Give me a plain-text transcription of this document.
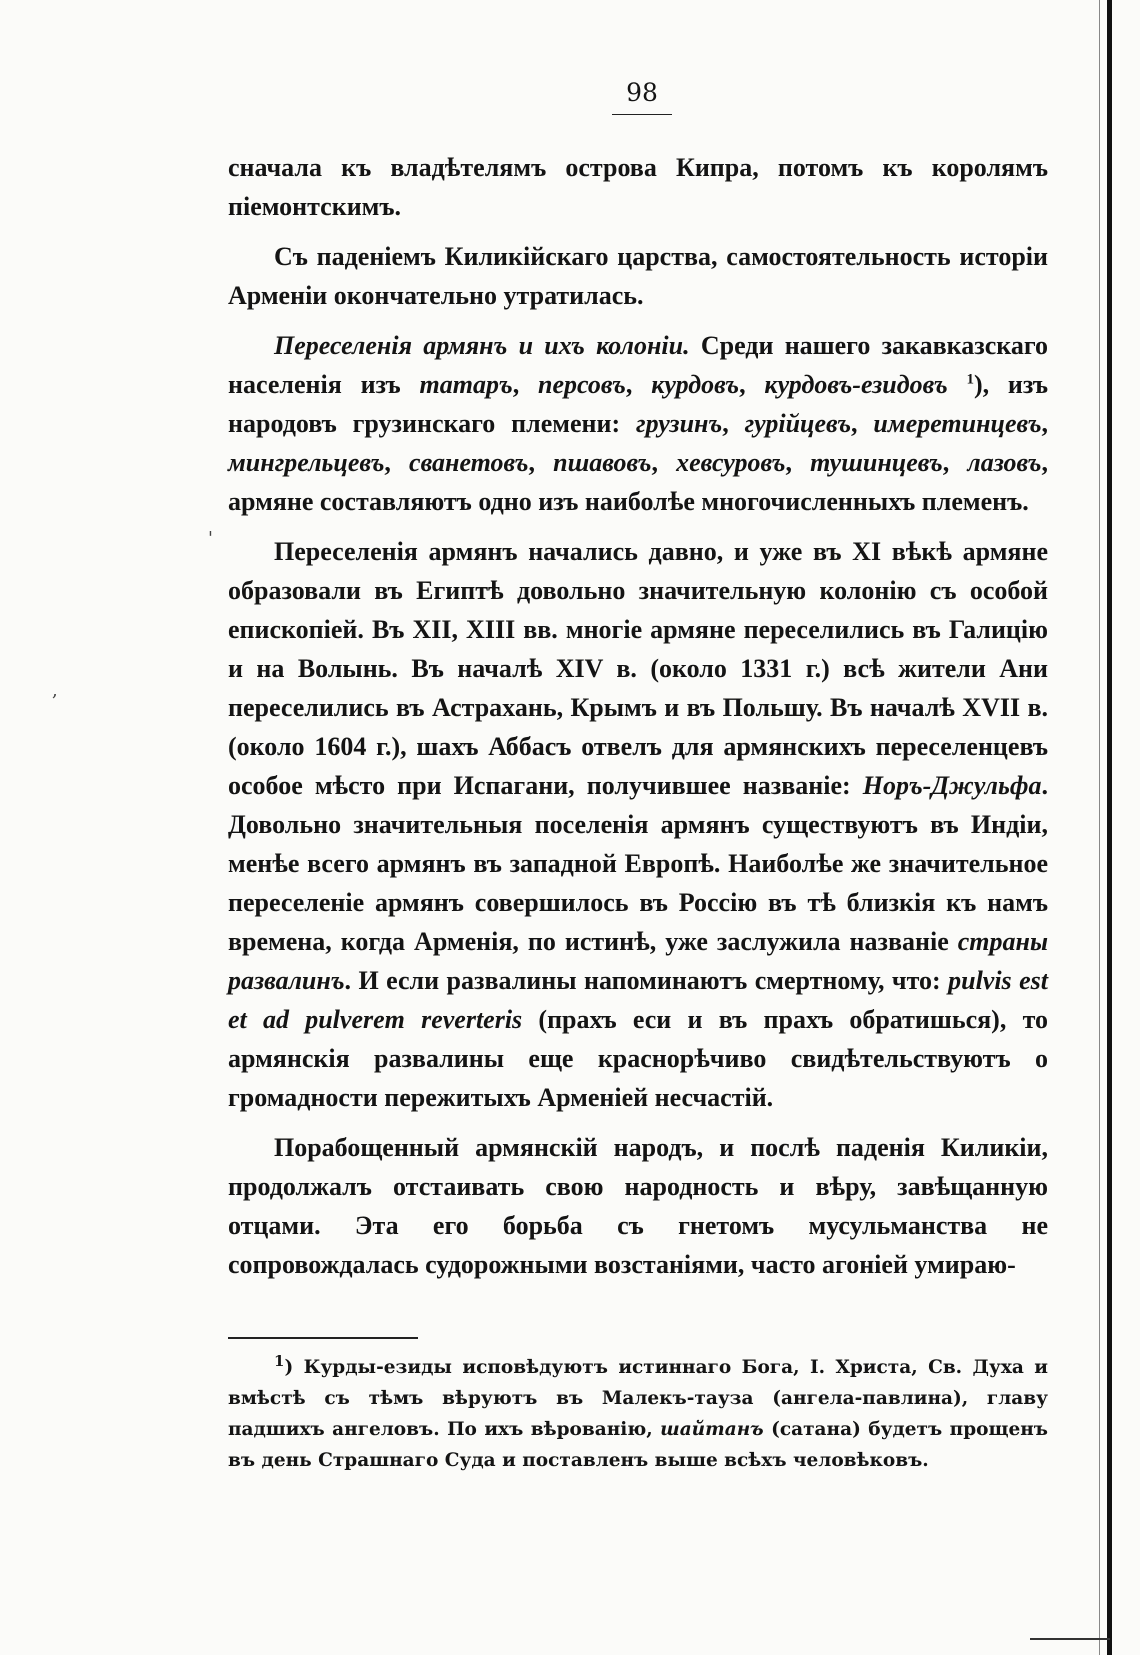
98

сначала къ владѣтелямъ острова Кипра, потомъ къ королямъ піемонтскимъ.

Съ паденіемъ Киликійскаго царства, самостоятельность исторіи Арменіи окончательно утратилась.

Переселенія армянъ и ихъ колоніи. Среди нашего закавказскаго населенія изъ татаръ, персовъ, курдовъ, курдовъ-езидовъ $^1$), изъ народовъ грузинскаго племени: грузинъ, гурійцевъ, имеретинцевъ, мингрельцевъ, сванетовъ, пшавовъ, хевсуровъ, тушинцевъ, лазовъ, армяне составляютъ одно изъ наиболѣе многочисленныхъ племенъ.

Переселенія армянъ начались давно, и уже въ XI вѣкѣ армяне образовали въ Египтѣ довольно значительную колонію съ особой епископіей. Въ XII, XIII вв. многіе армяне переселились въ Галицію и на Волынь. Въ началѣ XIV в. (около 1331 г.) всѣ жители Ани переселились въ Астрахань, Крымъ и въ Польшу. Въ началѣ XVII в. (около 1604 г.), шахъ Аббасъ отвелъ для армянскихъ переселенцевъ особое мѣсто при Испагани, получившее названіе: Норъ-Джульфа. Довольно значительныя поселенія армянъ существуютъ въ Индіи, менѣе всего армянъ въ западной Европѣ. Наиболѣе же значительное переселеніе армянъ совершилось въ Россію въ тѣ близкія къ намъ времена, когда Арменія, по истинѣ, уже заслужила названіе страны развалинъ. И если развалины напоминаютъ смертному, что: pulvis est et ad pulverem reverteris (прахъ еси и въ прахъ обратишься), то армянскія развалины еще краснорѣчиво свидѣтельствуютъ о громадности пережитыхъ Арменіей несчастій.

Порабощенный армянскій народъ, и послѣ паденія Киликіи, продолжалъ отстаивать свою народность и вѣру, завѣщанную отцами. Эта его борьба съ гнетомъ мусульманства не сопровождалась судорожными возстаніями, часто агоніей умираю-

$^1$) Курды-езиды исповѣдуютъ истиннаго Бога, І. Христа, Св. Духа и вмѣстѣ съ тѣмъ вѣруютъ въ Малекъ-тауза (ангела-павлина), главу падшихъ ангеловъ. По ихъ вѣрованію, шайтанъ (сатана) будетъ прощенъ въ день Страшнаго Суда и поставленъ выше всѣхъ человѣковъ.

,
'
